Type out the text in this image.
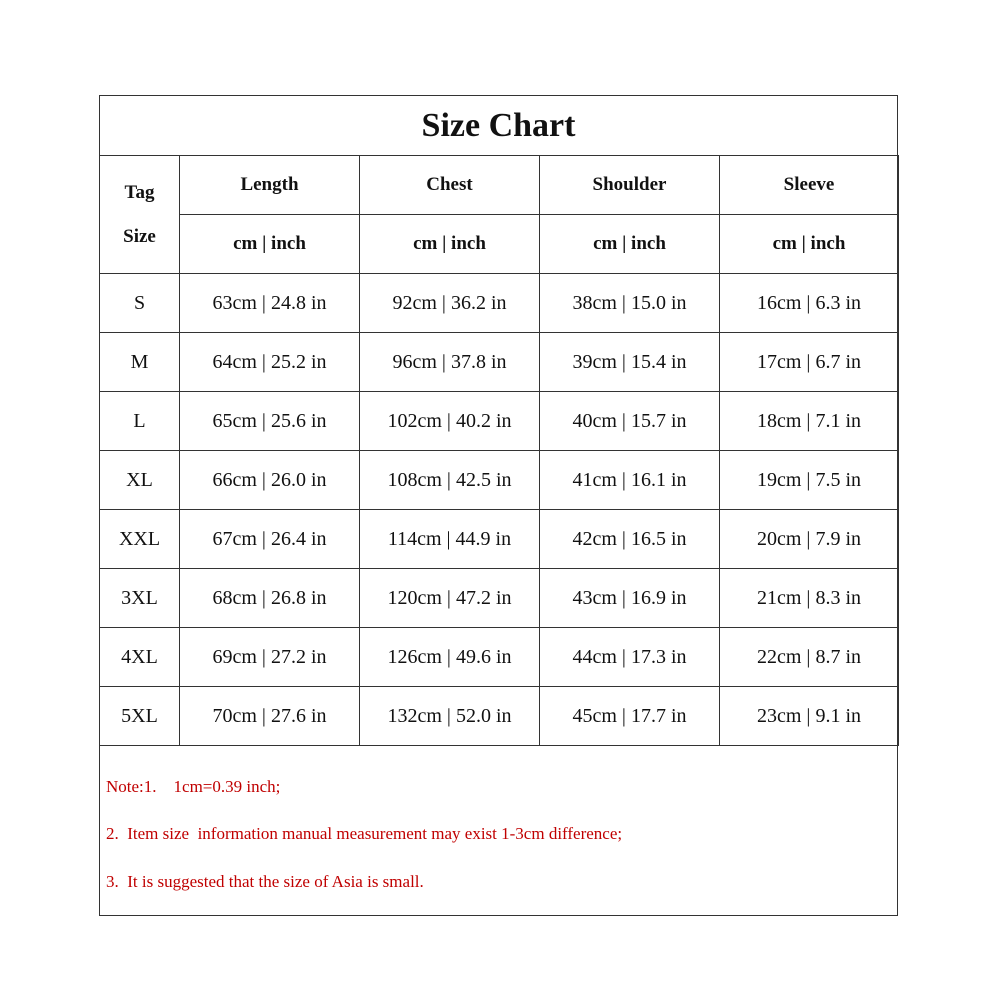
Size Chart
Tag
Size	Length	Chest	Shoulder	Sleeve
	cm | inch	cm | inch	cm | inch	cm | inch
S	63cm | 24.8 in	92cm | 36.2 in	38cm | 15.0 in	16cm | 6.3 in
M	64cm | 25.2 in	96cm | 37.8 in	39cm | 15.4 in	17cm | 6.7 in
L	65cm | 25.6 in	102cm | 40.2 in	40cm | 15.7 in	18cm | 7.1 in
XL	66cm | 26.0 in	108cm | 42.5 in	41cm | 16.1 in	19cm | 7.5 in
XXL	67cm | 26.4 in	114cm | 44.9 in	42cm | 16.5 in	20cm | 7.9 in
3XL	68cm | 26.8 in	120cm | 47.2 in	43cm | 16.9 in	21cm | 8.3 in
4XL	69cm | 27.2 in	126cm | 49.6 in	44cm | 17.3 in	22cm | 8.7 in
5XL	70cm | 27.6 in	132cm | 52.0 in	45cm | 17.7 in	23cm | 9.1 in
Note:1.    1cm=0.39 inch;
2.  Item size  information manual measurement may exist 1-3cm difference;
3.  It is suggested that the size of Asia is small.
